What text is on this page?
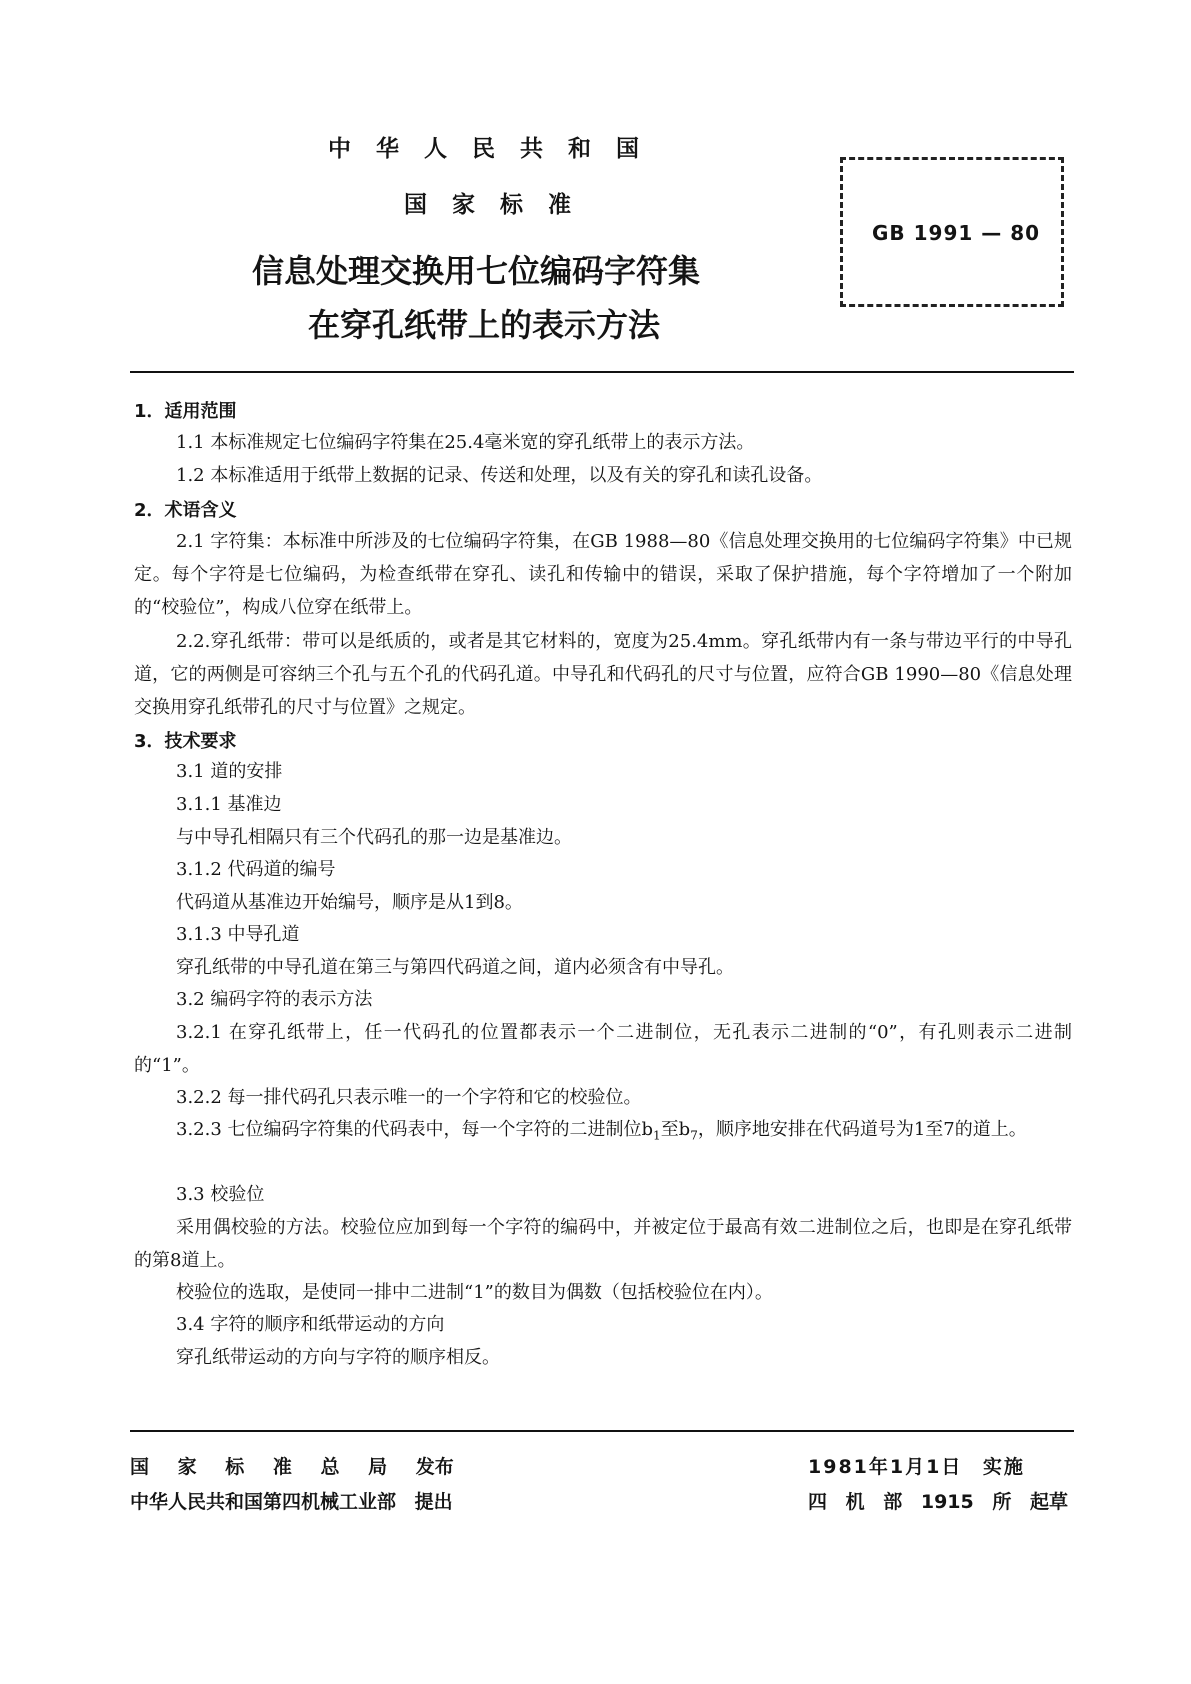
中华人民共和国
国家标准
信息处理交换用七位编码字符集
在穿孔纸带上的表示方法
GB 1991 — 80
1．适用范围
1.1 本标准规定七位编码字符集在25.4毫米宽的穿孔纸带上的表示方法。
1.2 本标准适用于纸带上数据的记录、传送和处理，以及有关的穿孔和读孔设备。
2．术语含义
2.1 字符集：本标准中所涉及的七位编码字符集，在GB 1988—80《信息处理交换用的七位编码字符集》中已规定。每个字符是七位编码，为检查纸带在穿孔、读孔和传输中的错误，采取了保护措施，每个字符增加了一个附加的“校验位”，构成八位穿在纸带上。
2.2.穿孔纸带：带可以是纸质的，或者是其它材料的，宽度为25.4mm。穿孔纸带内有一条与带边平行的中导孔道，它的两侧是可容纳三个孔与五个孔的代码孔道。中导孔和代码孔的尺寸与位置，应符合GB 1990—80《信息处理交换用穿孔纸带孔的尺寸与位置》之规定。
3．技术要求
3.1 道的安排
3.1.1 基准边
与中导孔相隔只有三个代码孔的那一边是基准边。
3.1.2 代码道的编号
代码道从基准边开始编号，顺序是从1到8。
3.1.3 中导孔道
穿孔纸带的中导孔道在第三与第四代码道之间，道内必须含有中导孔。
3.2 编码字符的表示方法
3.2.1 在穿孔纸带上，任一代码孔的位置都表示一个二进制位，无孔表示二进制的“0”，有孔则表示二进制的“1”。
3.2.2 每一排代码孔只表示唯一的一个字符和它的校验位。
3.2.3 七位编码字符集的代码表中，每一个字符的二进制位$b_1$至$b_7$，顺序地安排在代码道号为1至7的道上。
3.3 校验位
采用偶校验的方法。校验位应加到每一个字符的编码中，并被定位于最高有效二进制位之后，也即是在穿孔纸带的第8道上。
校验位的选取，是使同一排中二进制“1”的数目为偶数（包括校验位在内）。
3.4 字符的顺序和纸带运动的方向
穿孔纸带运动的方向与字符的顺序相反。
国 家 标 准 总 局 发布
中华人民共和国第四机械工业部 提出
1981年1月1日 实施
四 机 部 1915 所 起草
